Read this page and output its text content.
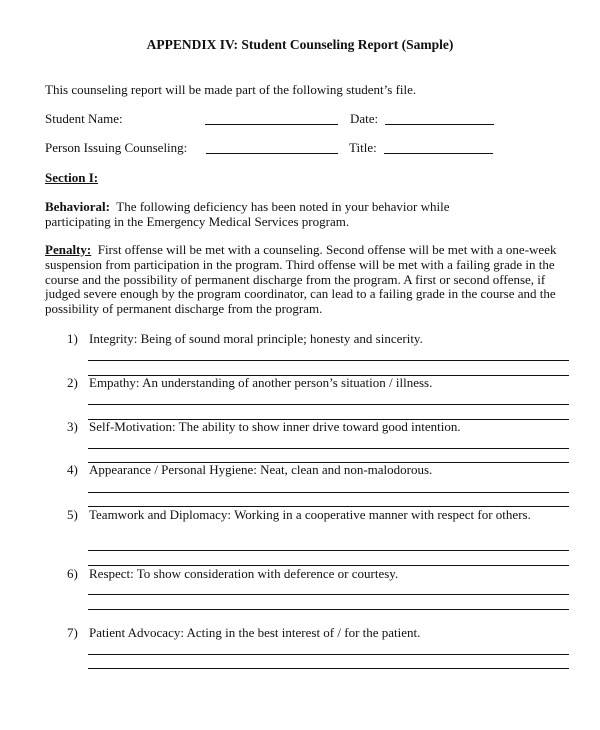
APPENDIX IV: Student Counseling Report (Sample)
This counseling report will be made part of the following student’s file.
Student Name:	Date:
Person Issuing Counseling:	Title:
Section I:
Behavioral: The following deficiency has been noted in your behavior while participating in the Emergency Medical Services program.
Penalty: First offense will be met with a counseling. Second offense will be met with a one-week suspension from participation in the program. Third offense will be met with a failing grade in the course and the possibility of permanent discharge from the program. A first or second offense, if judged severe enough by the program coordinator, can lead to a failing grade in the course and the possibility of permanent discharge from the program.
1) Integrity: Being of sound moral principle; honesty and sincerity.
2) Empathy: An understanding of another person’s situation / illness.
3) Self-Motivation: The ability to show inner drive toward good intention.
4) Appearance / Personal Hygiene: Neat, clean and non-malodorous.
5) Teamwork and Diplomacy: Working in a cooperative manner with respect for others.
6) Respect: To show consideration with deference or courtesy.
7) Patient Advocacy: Acting in the best interest of / for the patient.
